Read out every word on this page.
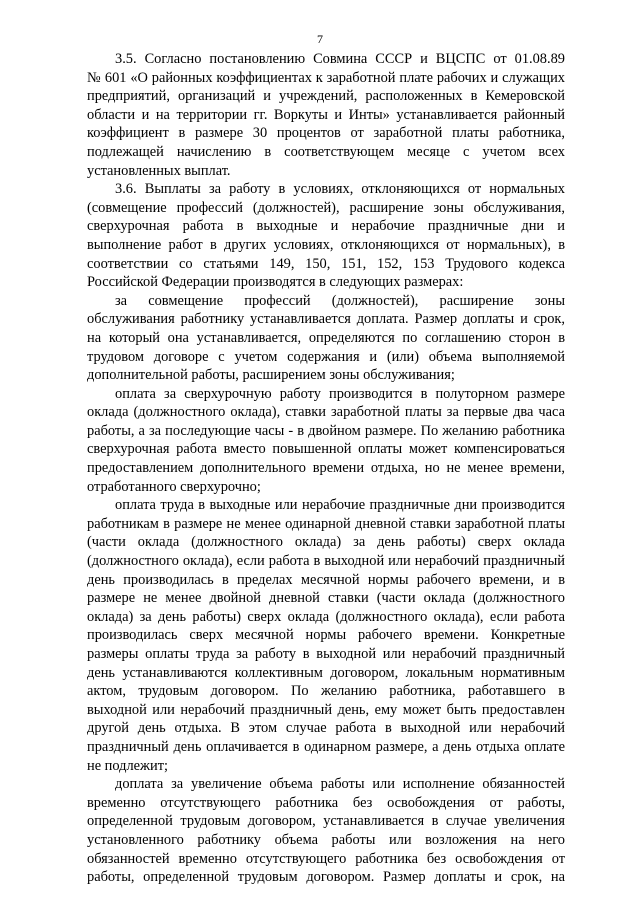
7
3.5. Согласно постановлению Совмина СССР и ВЦСПС от 01.08.89
№ 601 «О районных коэффициентах к заработной плате рабочих и служащих
предприятий, организаций и учреждений, расположенных в Кемеровской
области и на территории гг. Воркуты и Инты» устанавливается районный
коэффициент в размере 30 процентов от заработной платы работника,
подлежащей начислению в соответствующем месяце с учетом всех
установленных выплат.
3.6. Выплаты за работу в условиях, отклоняющихся от нормальных
(совмещение профессий (должностей), расширение зоны обслуживания,
сверхурочная работа в выходные и нерабочие праздничные дни и
выполнение работ в других условиях, отклоняющихся от нормальных), в
соответствии со статьями 149, 150, 151, 152, 153 Трудового кодекса
Российской Федерации производятся в следующих размерах:
за совмещение профессий (должностей), расширение зоны
обслуживания работнику устанавливается доплата. Размер доплаты и срок,
на который она устанавливается, определяются по соглашению сторон в
трудовом договоре с учетом содержания и (или) объема выполняемой
дополнительной работы, расширением зоны обслуживания;
оплата за сверхурочную работу производится в полуторном размере
оклада (должностного оклада), ставки заработной платы за первые два часа
работы, а за последующие часы - в двойном размере. По желанию работника
сверхурочная работа вместо повышенной оплаты может компенсироваться
предоставлением дополнительного времени отдыха, но не менее времени,
отработанного сверхурочно;
оплата труда в выходные или нерабочие праздничные дни производится
работникам в размере не менее одинарной дневной ставки заработной платы
(части оклада (должностного оклада) за день работы) сверх оклада
(должностного оклада), если работа в выходной или нерабочий праздничный
день производилась в пределах месячной нормы рабочего времени, и в
размере не менее двойной дневной ставки (части оклада (должностного
оклада) за день работы) сверх оклада (должностного оклада), если работа
производилась сверх месячной нормы рабочего времени. Конкретные
размеры оплаты труда за работу в выходной или нерабочий праздничный
день устанавливаются коллективным договором, локальным нормативным
актом, трудовым договором. По желанию работника, работавшего в
выходной или нерабочий праздничный день, ему может быть предоставлен
другой день отдыха. В этом случае работа в выходной или нерабочий
праздничный день оплачивается в одинарном размере, а день отдыха оплате
не подлежит;
доплата за увеличение объема работы или исполнение обязанностей
временно отсутствующего работника без освобождения от работы,
определенной трудовым договором, устанавливается в случае увеличения
установленного работнику объема работы или возложения на него
обязанностей временно отсутствующего работника без освобождения от
работы, определенной трудовым договором. Размер доплаты и срок, на
